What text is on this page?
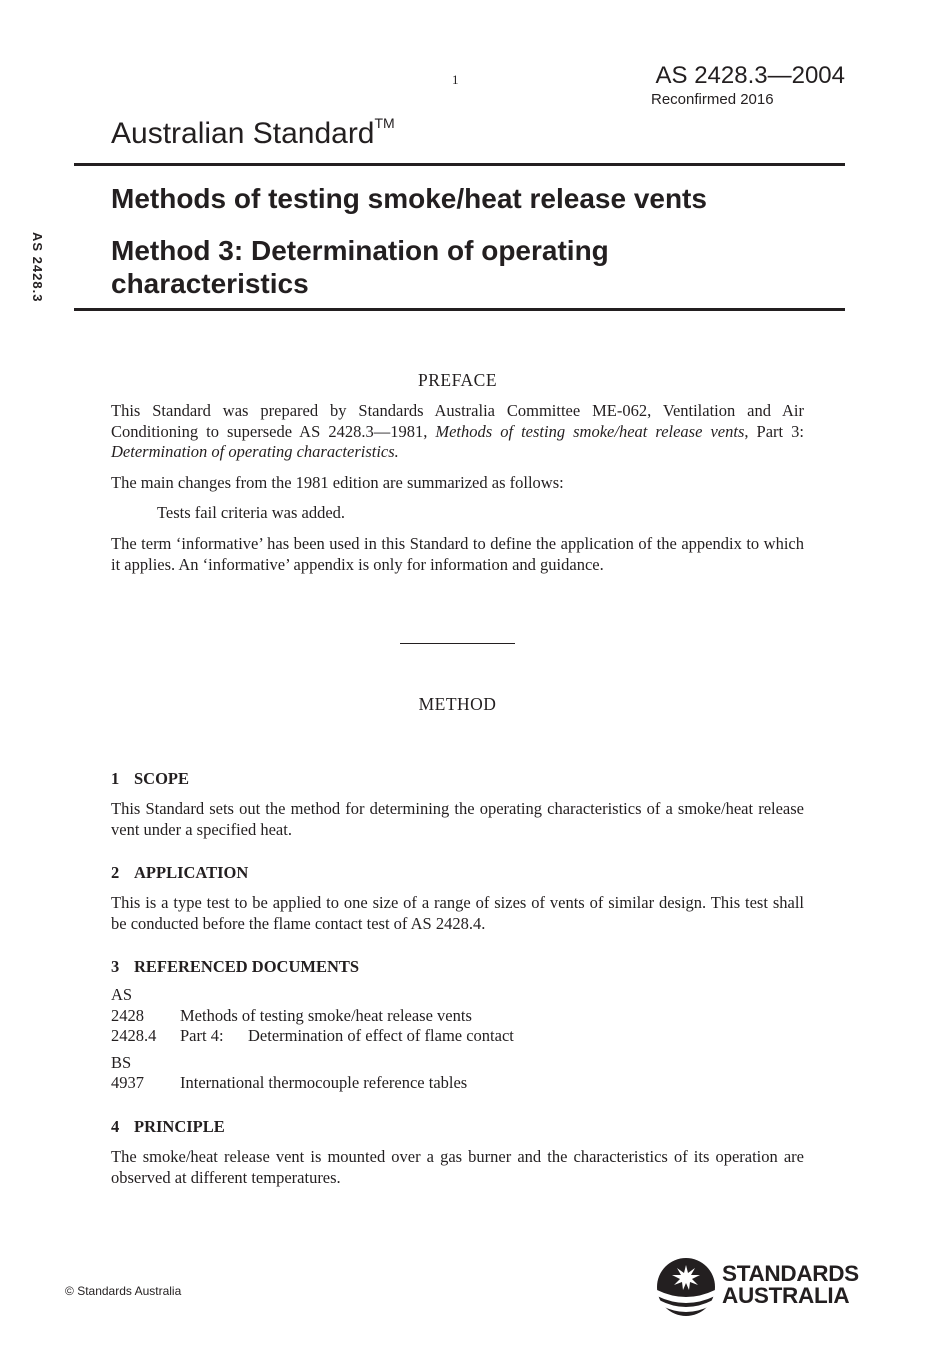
1	AS 2428.3—2004
Reconfirmed 2016
Australian Standard™
AS 2428.3
Methods of testing smoke/heat release vents
Method 3: Determination of operating
characteristics
PREFACE
This Standard was prepared by Standards Australia Committee ME-062, Ventilation and Air Conditioning to supersede AS 2428.3—1981, Methods of testing smoke/heat release vents, Part 3: Determination of operating characteristics.
The main changes from the 1981 edition are summarized as follows:
Tests fail criteria was added.
The term ‘informative’ has been used in this Standard to define the application of the appendix to which it applies. An ‘informative’ appendix is only for information and guidance.
METHOD
1 SCOPE
This Standard sets out the method for determining the operating characteristics of a smoke/heat release vent under a specified heat.
2 APPLICATION
This is a type test to be applied to one size of a range of sizes of vents of similar design. This test shall be conducted before the flame contact test of AS 2428.4.
3 REFERENCED DOCUMENTS
AS
2428	Methods of testing smoke/heat release vents
2428.4	Part 4:	Determination of effect of flame contact
BS
4937	International thermocouple reference tables
4 PRINCIPLE
The smoke/heat release vent is mounted over a gas burner and the characteristics of its operation are observed at different temperatures.
© Standards Australia
STANDARDS
AUSTRALIA
